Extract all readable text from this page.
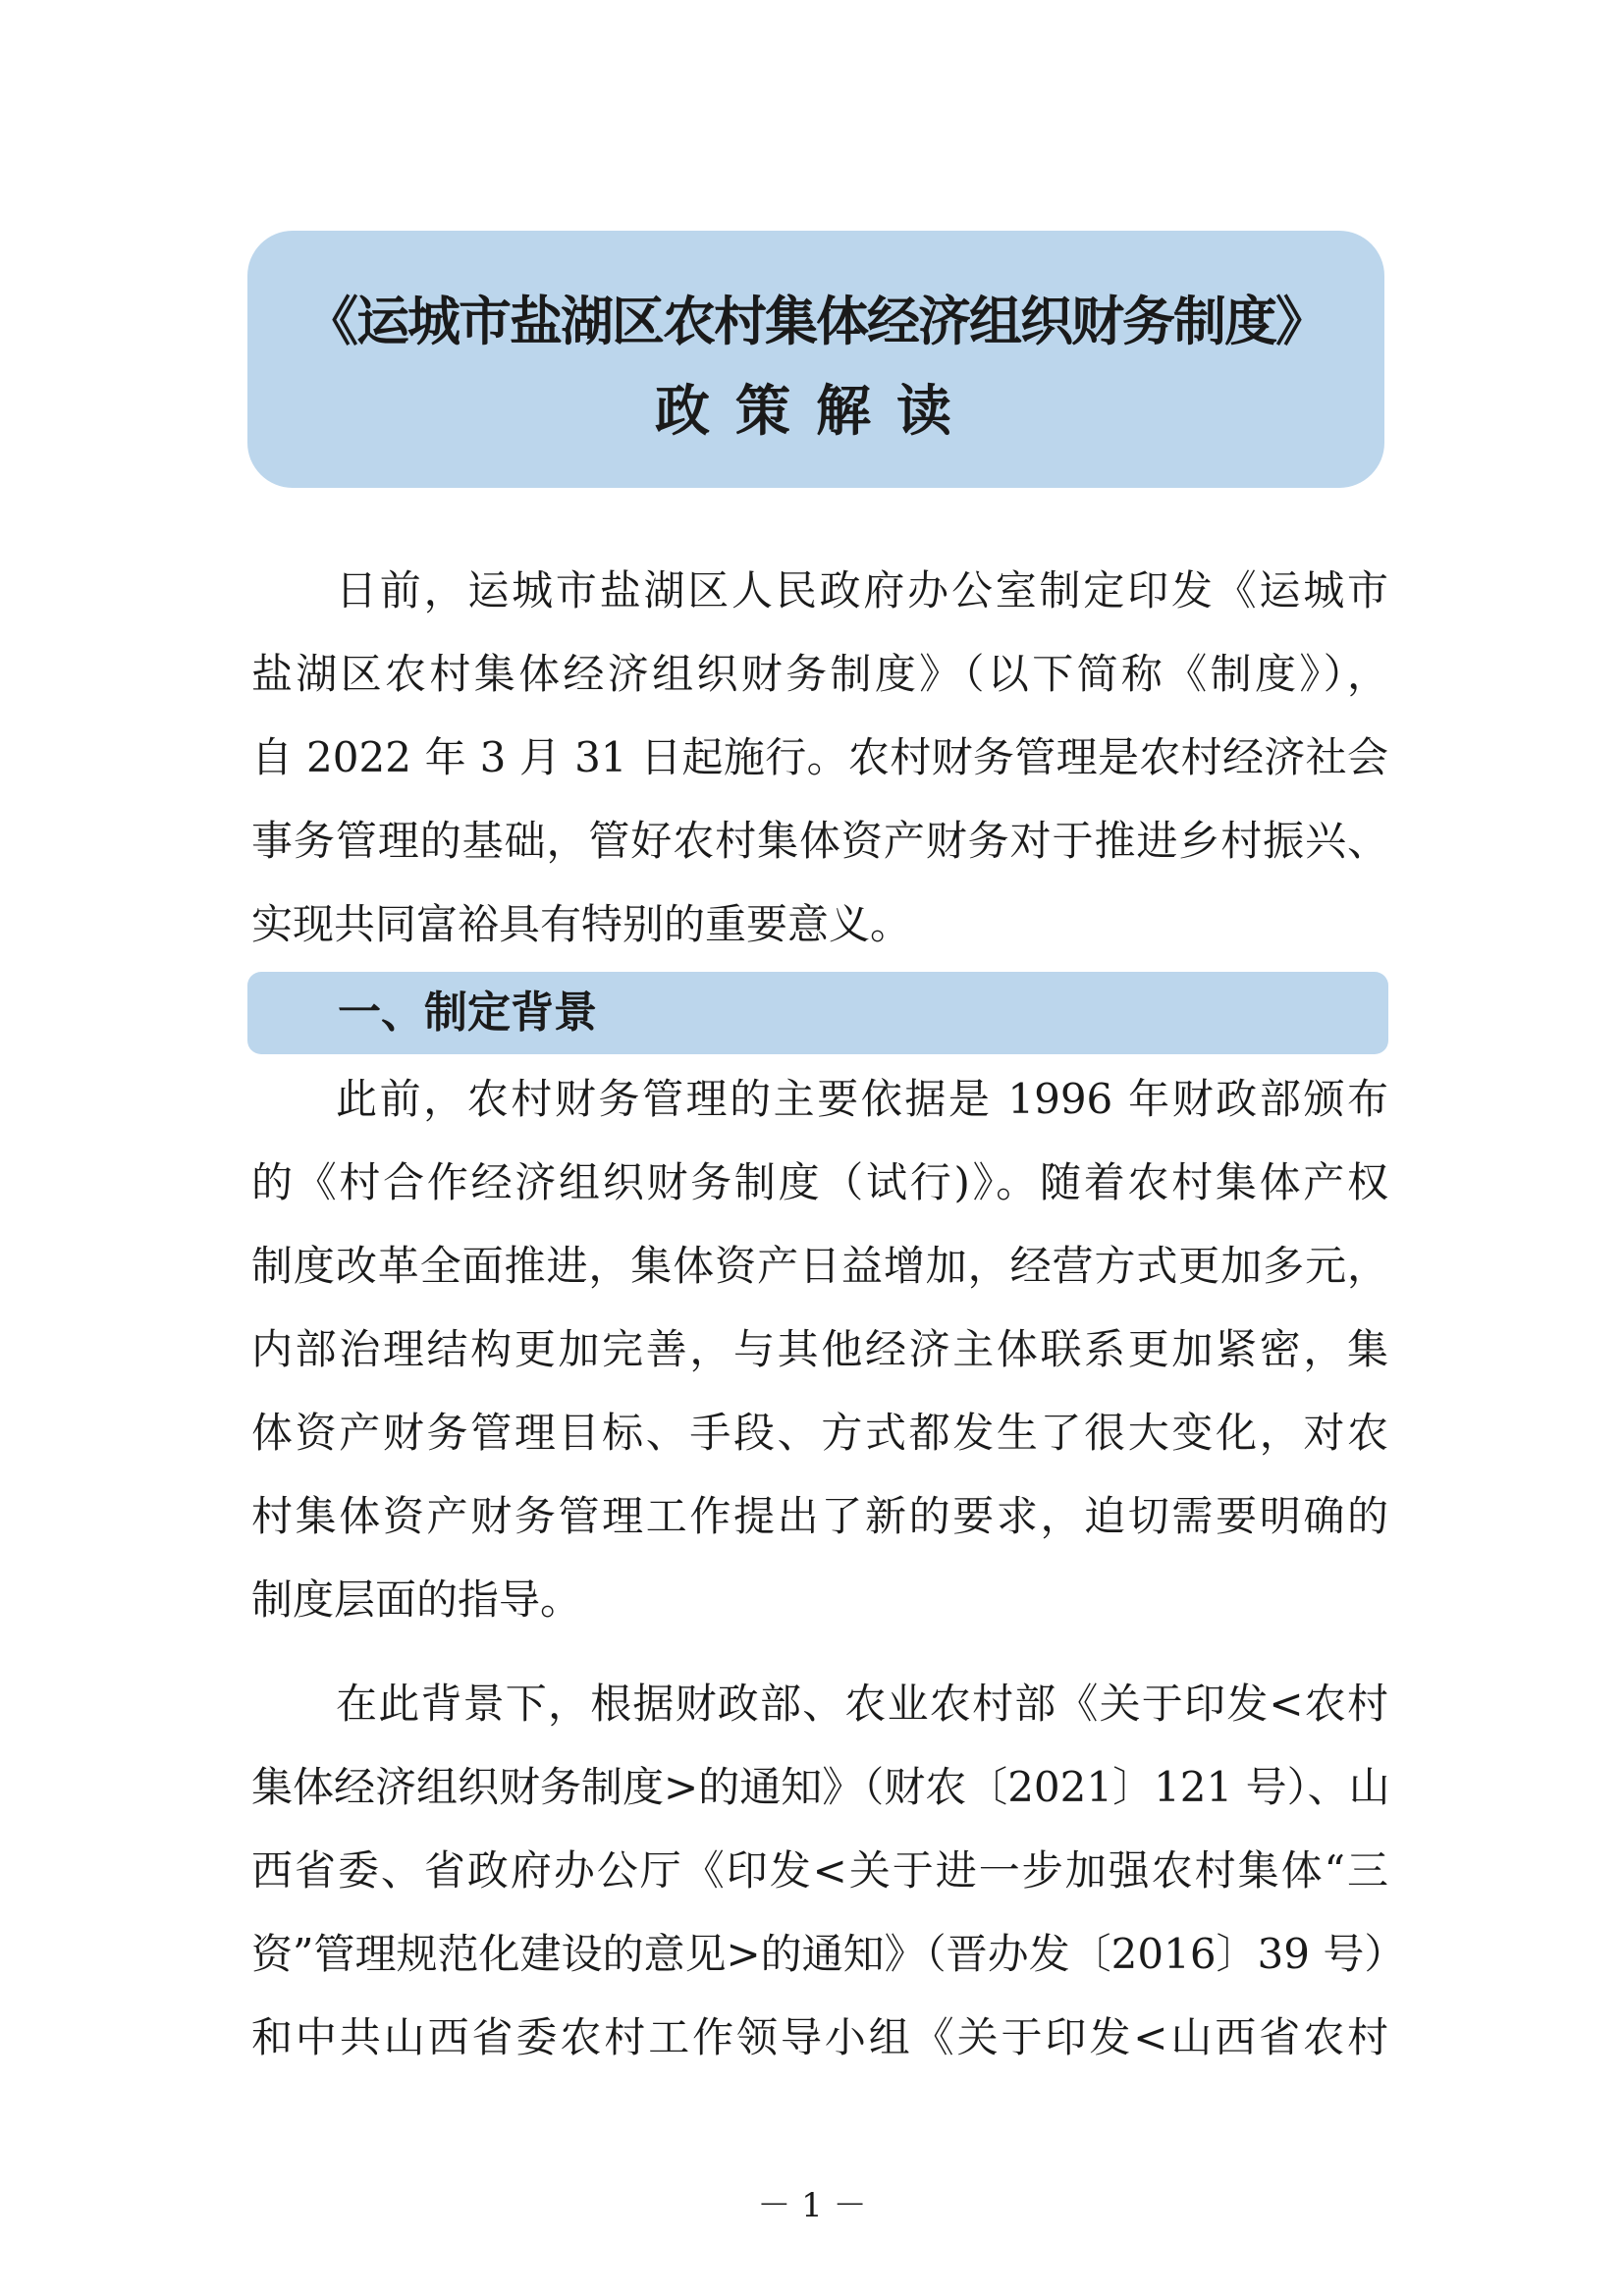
《运城市盐湖区农村集体经济组织财务制度》
政策解读
日前，运城市盐湖区人民政府办公室制定印发《运城市
盐湖区农村集体经济组织财务制度》（以下简称《制度》），
自 2022 年 3 月 31 日起施行。农村财务管理是农村经济社会
事务管理的基础，管好农村集体资产财务对于推进乡村振兴、
实现共同富裕具有特别的重要意义。
一、制定背景
此前，农村财务管理的主要依据是 1996 年财政部颁布
的《村合作经济组织财务制度（试行)》。随着农村集体产权
制度改革全面推进，集体资产日益增加，经营方式更加多元，
内部治理结构更加完善，与其他经济主体联系更加紧密，集
体资产财务管理目标、手段、方式都发生了很大变化，对农
村集体资产财务管理工作提出了新的要求，迫切需要明确的
制度层面的指导。
在此背景下，根据财政部、农业农村部《关于印发<农村
集体经济组织财务制度>的通知》（财农〔2021〕121 号）、山
西省委、省政府办公厅《印发<关于进一步加强农村集体“三
资”管理规范化建设的意见>的通知》（晋办发〔2016〕39 号）
和中共山西省委农村工作领导小组《关于印发<山西省农村
－ 1 －
